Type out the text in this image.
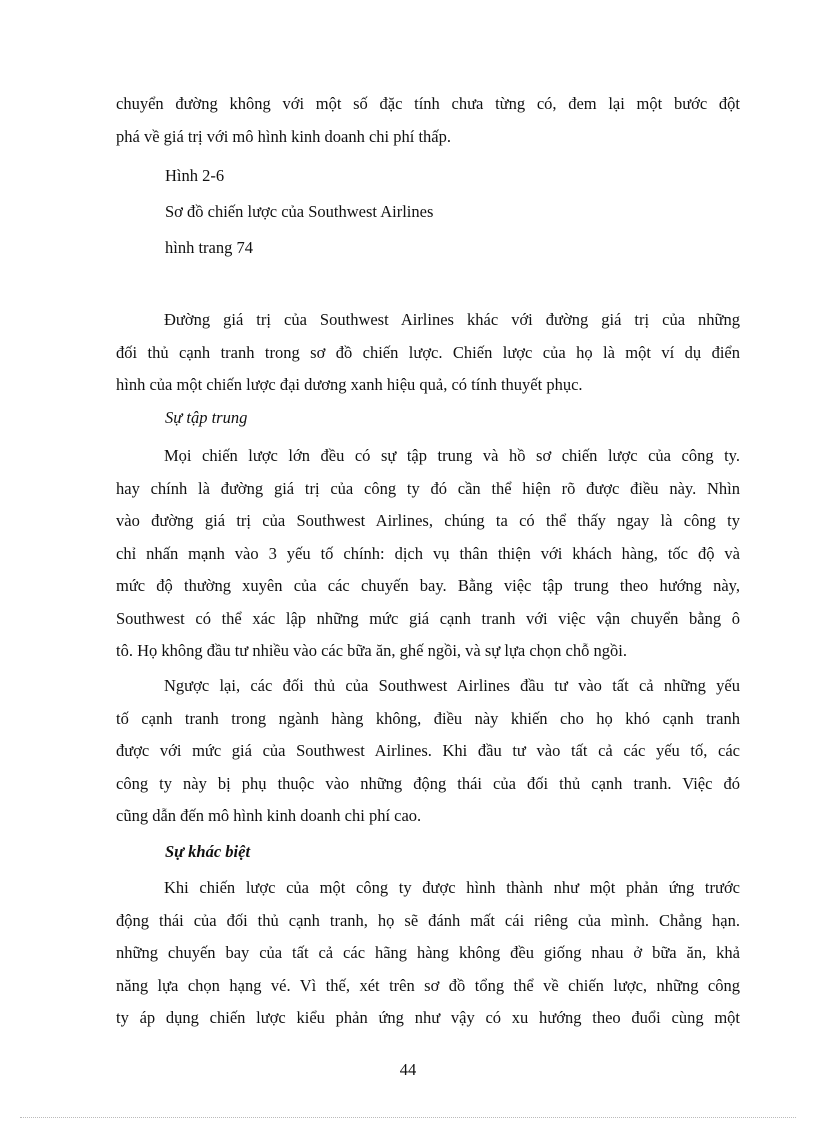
chuyển đường không với một số đặc tính chưa từng có, đem lại một bước đột
phá về giá trị với mô hình kinh doanh chi phí thấp.
Hình 2-6
Sơ đồ chiến lược của Southwest Airlines
hình trang 74
Đường giá trị của Southwest Airlines khác với đường giá trị của những
đối thủ cạnh tranh trong sơ đồ chiến lược. Chiến lược của họ là một ví dụ điển
hình của một chiến lược đại dương xanh hiệu quả, có tính thuyết phục.
Sự tập trung
Mọi chiến lược lớn đều có sự tập trung và hồ sơ chiến lược của công ty.
hay chính là đường giá trị của công ty đó cần thể hiện rõ được điều này. Nhìn
vào đường giá trị của Southwest Airlines, chúng ta có thể thấy ngay là công ty
chỉ nhấn mạnh vào 3 yếu tố chính: dịch vụ thân thiện với khách hàng, tốc độ và
mức độ thường xuyên của các chuyến bay. Bằng việc tập trung theo hướng này,
Southwest có thể xác lập những mức giá cạnh tranh với việc vận chuyển bằng ô
tô. Họ không đầu tư nhiều vào các bữa ăn, ghế ngồi, và sự lựa chọn chỗ ngồi.
Ngược lại, các đối thủ của Southwest Airlines đầu tư vào tất cả những yếu
tố cạnh tranh trong ngành hàng không, điều này khiến cho họ khó cạnh tranh
được với mức giá của Southwest Airlines. Khi đầu tư vào tất cả các yếu tố, các
công ty này bị phụ thuộc vào những động thái của đối thủ cạnh tranh. Việc đó
cũng dẫn đến mô hình kinh doanh chi phí cao.
Sự khác biệt
Khi chiến lược của một công ty được hình thành như một phản ứng trước
động thái của đối thủ cạnh tranh, họ sẽ đánh mất cái riêng của mình. Chẳng hạn.
những chuyến bay của tất cả các hãng hàng không đều giống nhau ở bữa ăn, khả
năng lựa chọn hạng vé. Vì thế, xét trên sơ đồ tổng thể về chiến lược, những công
ty áp dụng chiến lược kiểu phản ứng như vậy có xu hướng theo đuổi cùng một
44
